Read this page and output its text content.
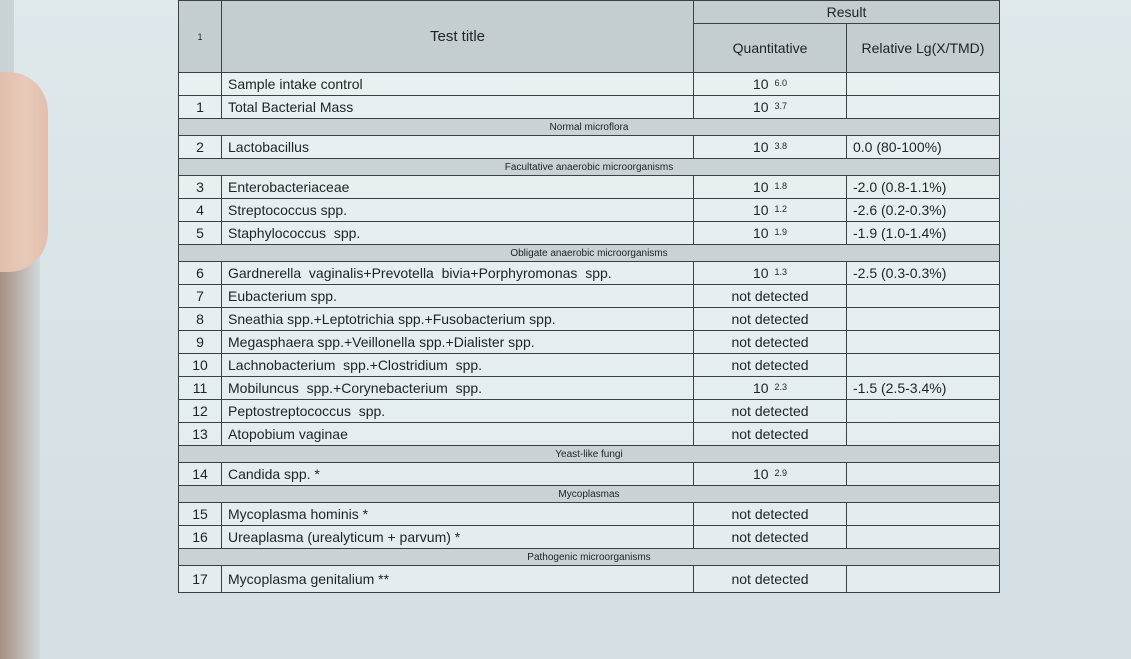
1	Test title	Result	
		Quantitative	Relative Lg(X/TMD)
	Sample intake control	10 $^{6.0}$	
1	Total Bacterial Mass	10 $^{3.7}$	
Normal microflora			
2	Lactobacillus	10 $^{3.8}$	0.0 (80-100%)
Facultative anaerobic microorganisms			
3	Enterobacteriaceae	10 $^{1.8}$	-2.0 (0.8-1.1%)
4	Streptococcus spp.	10 $^{1.2}$	-2.6 (0.2-0.3%)
5	Staphylococcus  spp.	10 $^{1.9}$	-1.9 (1.0-1.4%)
Obligate anaerobic microorganisms			
6	Gardnerella  vaginalis+Prevotella  bivia+Porphyromonas  spp.	10 $^{1.3}$	-2.5 (0.3-0.3%)
7	Eubacterium spp.	not detected	
8	Sneathia spp.+Leptotrichia spp.+Fusobacterium spp.	not detected	
9	Megasphaera spp.+Veillonella spp.+Dialister spp.	not detected	
10	Lachnobacterium  spp.+Clostridium  spp.	not detected	
11	Mobiluncus  spp.+Corynebacterium  spp.	10 $^{2.3}$	-1.5 (2.5-3.4%)
12	Peptostreptococcus  spp.	not detected	
13	Atopobium vaginae	not detected	
Yeast-like fungi			
14	Candida spp. *	10 $^{2.9}$	
Mycoplasmas			
15	Mycoplasma hominis *	not detected	
16	Ureaplasma (urealyticum + parvum) *	not detected	
Pathogenic microorganisms			
17	Mycoplasma genitalium **	not detected	
